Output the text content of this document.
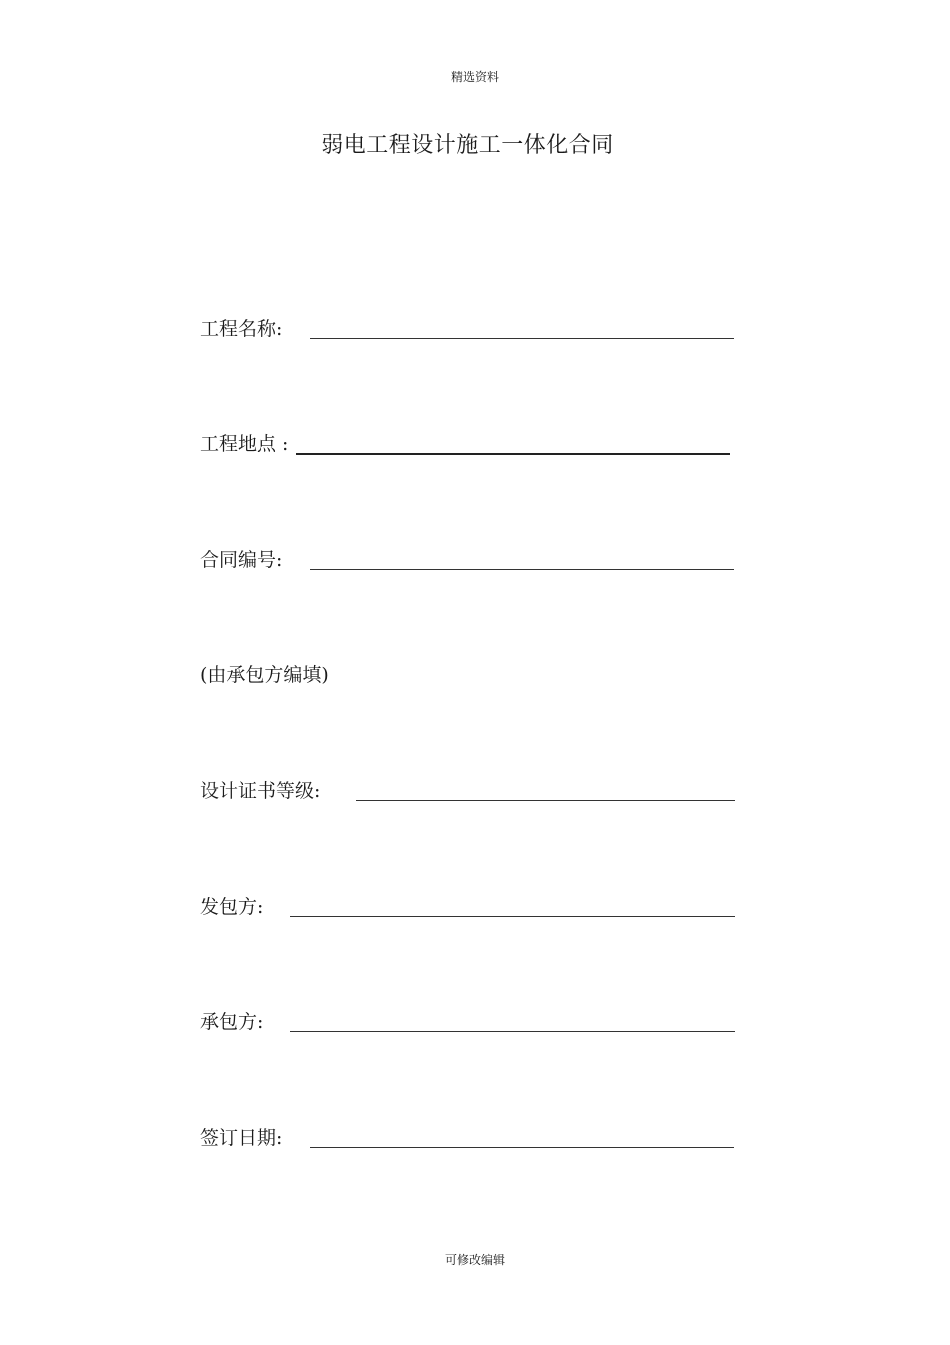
精选资料
弱电工程设计施工一体化合同
工程名称:
工程地点 :
合同编号:
(由承包方编填)
设计证书等级:
发包方:
承包方:
签订日期:
可修改编辑
